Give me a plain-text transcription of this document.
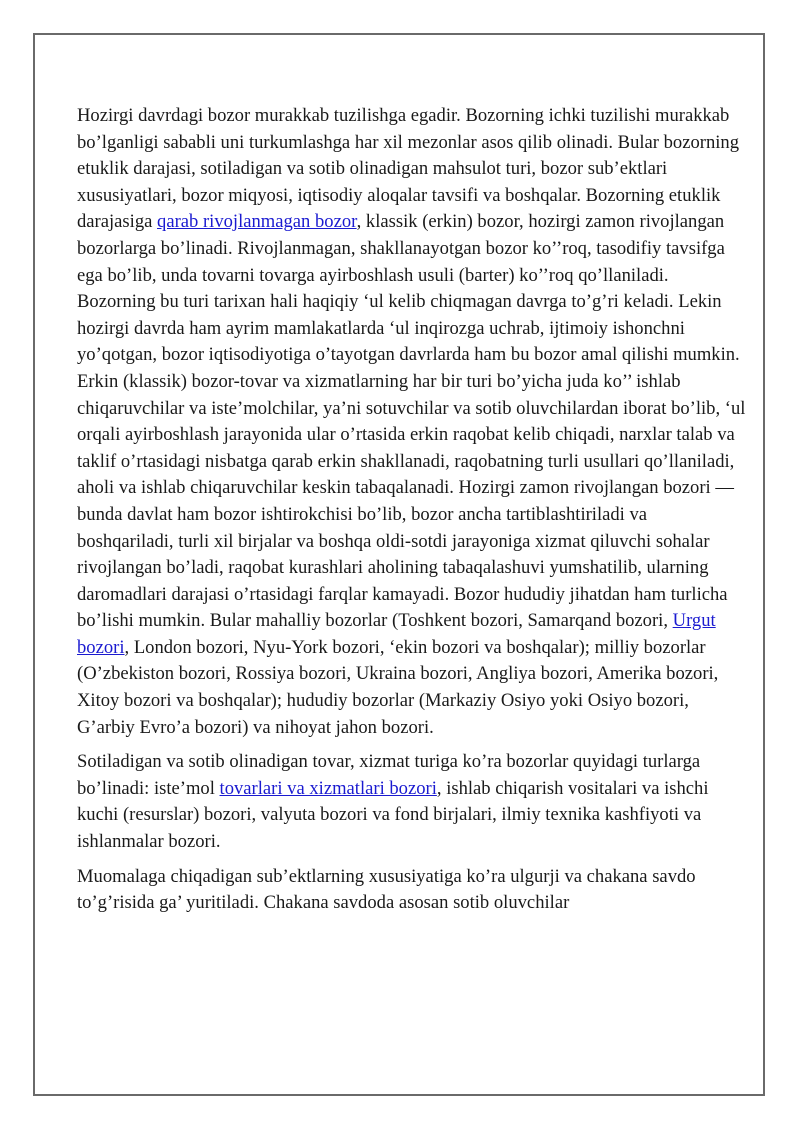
Hozirgi davrdagi bozor murakkab tuzilishga egadir. Bozorning ichki tuzilishi murakkab bo’lganligi sababli uni turkumlashga har xil mezonlar asos qilib olinadi. Bular bozorning etuklik darajasi, sotiladigan va sotib olinadigan mahsulot turi, bozor sub’ektlari xususiyatlari, bozor miqyosi, iqtisodiy aloqalar tavsifi va boshqalar. Bozorning etuklik darajasiga qarab rivojlanmagan bozor, klassik (erkin) bozor, hozirgi zamon rivojlangan bozorlarga bo’linadi. Rivojlanmagan, shakllanayotgan bozor ko’’roq, tasodifiy tavsifga ega bo’lib, unda tovarni tovarga ayirboshlash usuli (barter) ko’’roq qo’llaniladi. Bozorning bu turi tarixan hali haqiqiy ‘ul kelib chiqmagan davrga to’g’ri keladi. Lekin hozirgi davrda ham ayrim mamlakatlarda ‘ul inqirozga uchrab, ijtimoiy ishonchni yo’qotgan, bozor iqtisodiyotiga o’tayotgan davrlarda ham bu bozor amal qilishi mumkin. Erkin (klassik) bozor-tovar va xizmatlarning har bir turi bo’yicha juda ko’’ ishlab chiqaruvchilar va iste’molchilar, ya’ni sotuvchilar va sotib oluvchilardan iborat bo’lib, ‘ul orqali ayirboshlash jarayonida ular o’rtasida erkin raqobat kelib chiqadi, narxlar talab va taklif o’rtasidagi nisbatga qarab erkin shakllanadi, raqobatning turli usullari qo’llaniladi, aholi va ishlab chiqaruvchilar keskin tabaqalanadi. Hozirgi zamon rivojlangan bozori — bunda davlat ham bozor ishtirokchisi bo’lib, bozor ancha tartiblashtiriladi va boshqariladi, turli xil birjalar va boshqa oldi-sotdi jarayoniga xizmat qiluvchi sohalar rivojlangan bo’ladi, raqobat kurashlari aholining tabaqalashuvi yumshatilib, ularning daromadlari darajasi o’rtasidagi farqlar kamayadi. Bozor hududiy jihatdan ham turlicha bo’lishi mumkin. Bular mahalliy bozorlar (Toshkent bozori, Samarqand bozori, Urgut bozori, London bozori, Nyu-York bozori, ‘ekin bozori va boshqalar); milliy bozorlar (O’zbekiston bozori, Rossiya bozori, Ukraina bozori, Angliya bozori, Amerika bozori, Xitoy bozori va boshqalar); hududiy bozorlar (Markaziy Osiyo yoki Osiyo bozori, G’arbiy Evro’a bozori) va nihoyat jahon bozori.

Sotiladigan va sotib olinadigan tovar, xizmat turiga ko’ra bozorlar quyidagi turlarga bo’linadi: iste’mol tovarlari va xizmatlari bozori, ishlab chiqarish vositalari va ishchi kuchi (resurslar) bozori, valyuta bozori va fond birjalari, ilmiy texnika kashfiyoti va ishlanmalar bozori.

Muomalaga chiqadigan sub’ektlarning xususiyatiga ko’ra ulgurji va chakana savdo to’g’risida ga’ yuritiladi. Chakana savdoda asosan sotib oluvchilar
